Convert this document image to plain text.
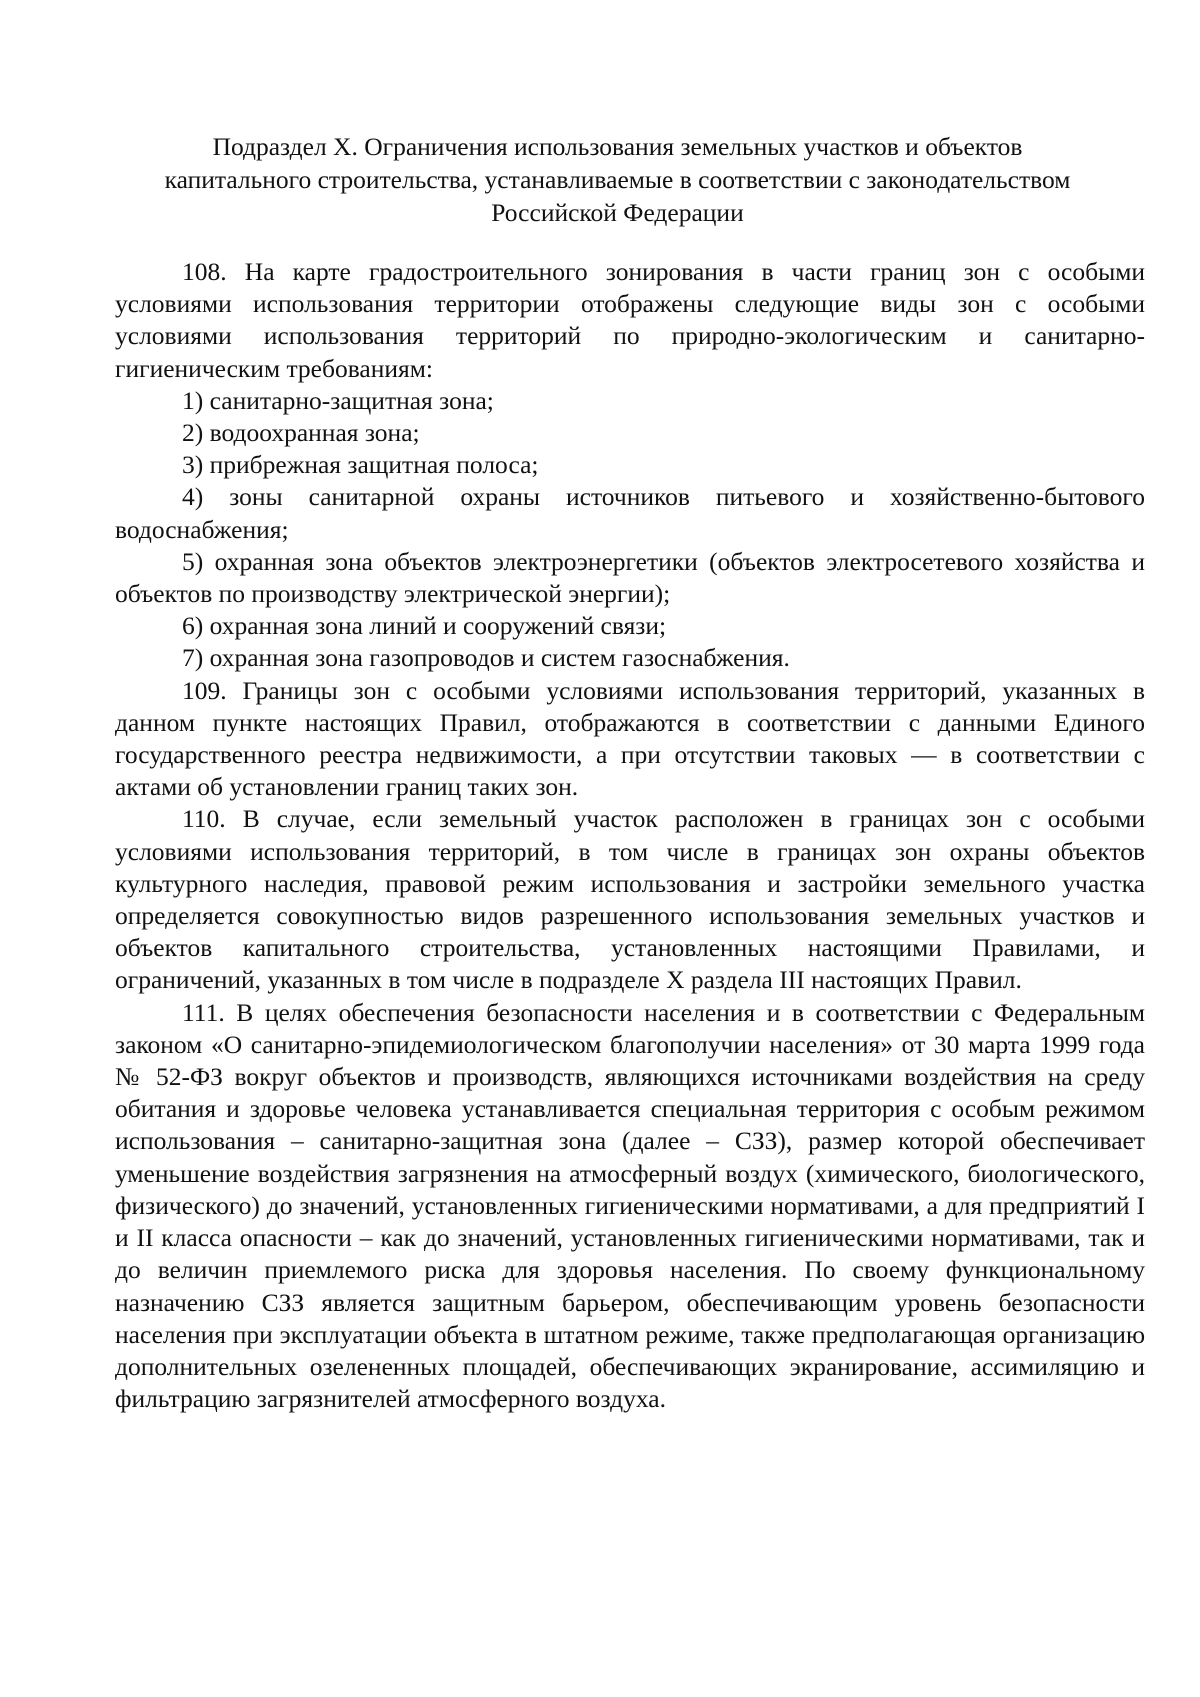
Подраздел X. Ограничения использования земельных участков и объектов
капитального строительства, устанавливаемые в соответствии с законодательством
Российской Федерации

108. На карте градостроительного зонирования в части границ зон с особыми условиями использования территории отображены следующие виды зон с особыми условиями использования территорий по природно-экологическим и санитарно-гигиеническим требованиям:

1) санитарно-защитная зона;

2) водоохранная зона;

3) прибрежная защитная полоса;

4) зоны санитарной охраны источников питьевого и хозяйственно-бытового водоснабжения;

5) охранная зона объектов электроэнергетики (объектов электросетевого хозяйства и объектов по производству электрической энергии);

6) охранная зона линий и сооружений связи;

7) охранная зона газопроводов и систем газоснабжения.

109. Границы зон с особыми условиями использования территорий, указанных в данном пункте настоящих Правил, отображаются в соответствии с данными Единого государственного реестра недвижимости, а при отсутствии таковых — в соответствии с актами об установлении границ таких зон.

110. В случае, если земельный участок расположен в границах зон с особыми условиями использования территорий, в том числе в границах зон охраны объектов культурного наследия, правовой режим использования и застройки земельного участка определяется совокупностью видов разрешенного использования земельных участков и объектов капитального строительства, установленных настоящими Правилами, и ограничений, указанных в том числе в подразделе X раздела III настоящих Правил.

111. В целях обеспечения безопасности населения и в соответствии с Федеральным законом «О санитарно-эпидемиологическом благополучии населения» от 30 марта 1999 года № 52-ФЗ вокруг объектов и производств, являющихся источниками воздействия на среду обитания и здоровье человека устанавливается специальная территория с особым режимом использования – санитарно-защитная зона (далее – СЗЗ), размер которой обеспечивает уменьшение воздействия загрязнения на атмосферный воздух (химического, биологического, физического) до значений, установленных гигиеническими нормативами, а для предприятий I и II класса опасности – как до значений, установленных гигиеническими нормативами, так и до величин приемлемого риска для здоровья населения. По своему функциональному назначению СЗЗ является защитным барьером, обеспечивающим уровень безопасности населения при эксплуатации объекта в штатном режиме, также предполагающая организацию дополнительных озелененных площадей, обеспечивающих экранирование, ассимиляцию и фильтрацию загрязнителей атмосферного воздуха.
